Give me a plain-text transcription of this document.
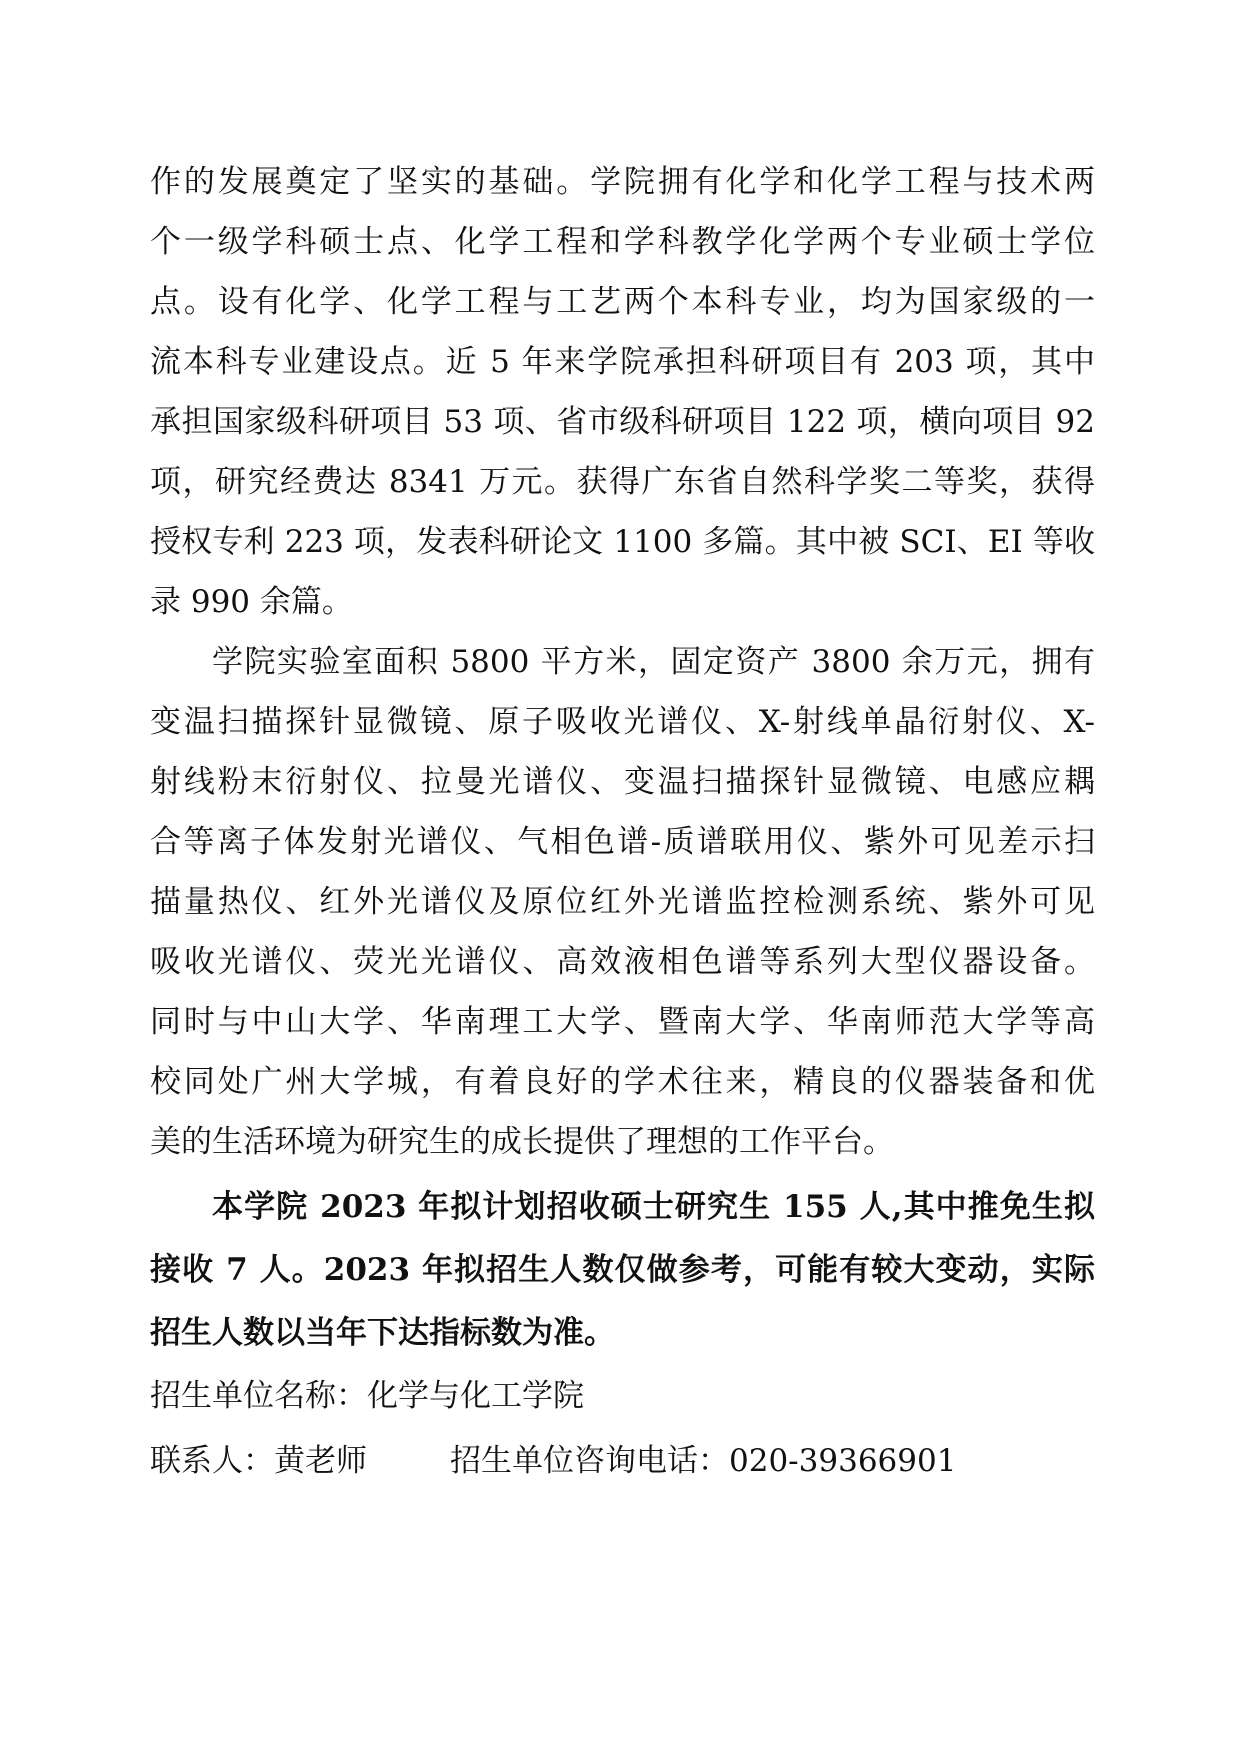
作的发展奠定了坚实的基础。学院拥有化学和化学工程与技术两
个一级学科硕士点、化学工程和学科教学化学两个专业硕士学位
点。设有化学、化学工程与工艺两个本科专业，均为国家级的一
流本科专业建设点。近 5 年来学院承担科研项目有 203 项，其中
承担国家级科研项目 53 项、省市级科研项目 122 项，横向项目 92
项，研究经费达 8341 万元。获得广东省自然科学奖二等奖，获得
授权专利 223 项，发表科研论文 1100 多篇。其中被 SCI、EI 等收
录 990 余篇。
学院实验室面积 5800 平方米，固定资产 3800 余万元，拥有
变温扫描探针显微镜、原子吸收光谱仪、X-射线单晶衍射仪、X-
射线粉末衍射仪、拉曼光谱仪、变温扫描探针显微镜、电感应耦
合等离子体发射光谱仪、气相色谱-质谱联用仪、紫外可见差示扫
描量热仪、红外光谱仪及原位红外光谱监控检测系统、紫外可见
吸收光谱仪、荧光光谱仪、高效液相色谱等系列大型仪器设备。
同时与中山大学、华南理工大学、暨南大学、华南师范大学等高
校同处广州大学城，有着良好的学术往来，精良的仪器装备和优
美的生活环境为研究生的成长提供了理想的工作平台。
本学院 2023 年拟计划招收硕士研究生 155 人,其中推免生拟
接收 7 人。2023 年拟招生人数仅做参考，可能有较大变动，实际
招生人数以当年下达指标数为准。
招生单位名称：化学与化工学院
联系人：黄老师	招生单位咨询电话：020-39366901
